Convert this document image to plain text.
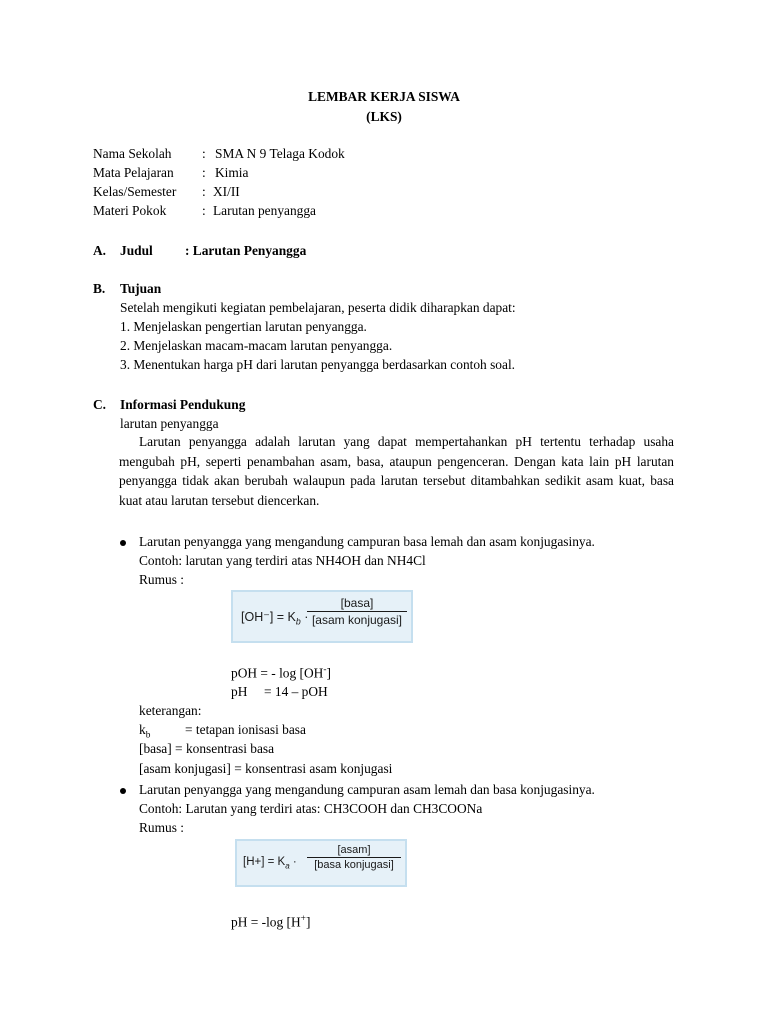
LEMBAR KERJA SISWA
(LKS)
Nama Sekolah : SMA N 9 Telaga Kodok
Mata Pelajaran : Kimia
Kelas/Semester : XI/II
Materi Pokok	: Larutan penyangga
A. Judul : Larutan Penyangga
B. Tujuan
Setelah mengikuti kegiatan pembelajaran, peserta didik diharapkan dapat:
1. Menjelaskan pengertian larutan penyangga.
2. Menjelaskan macam-macam larutan penyangga.
3. Menentukan harga pH dari larutan penyangga berdasarkan contoh soal.
C. Informasi Pendukung
larutan penyangga
Larutan penyangga adalah larutan yang dapat mempertahankan pH tertentu terhadap usaha mengubah pH, seperti penambahan asam, basa, ataupun pengenceran. Dengan kata lain pH larutan penyangga tidak akan berubah walaupun pada larutan tersebut ditambahkan sedikit asam kuat, basa kuat atau larutan tersebut diencerkan.
Larutan penyangga yang mengandung campuran basa lemah dan asam konjugasinya.
Contoh: larutan yang terdiri atas NH4OH dan NH4Cl
Rumus :
$[OH^-] = K_b$ ·
[basa]
[asam konjugasi]
pOH = - log [OH-]
pH = 14 – pOH
keterangan:
$k_b$	= tetapan ionisasi basa
[basa] = konsentrasi basa
[asam konjugasi] = konsentrasi asam konjugasi
Larutan penyangga yang mengandung campuran asam lemah dan basa konjugasinya.
Contoh: Larutan yang terdiri atas: CH3COOH dan CH3COONa
Rumus :
$[H+] = K_a$ ·
[asam]
[basa konjugasi]
pH = -log [H+]
